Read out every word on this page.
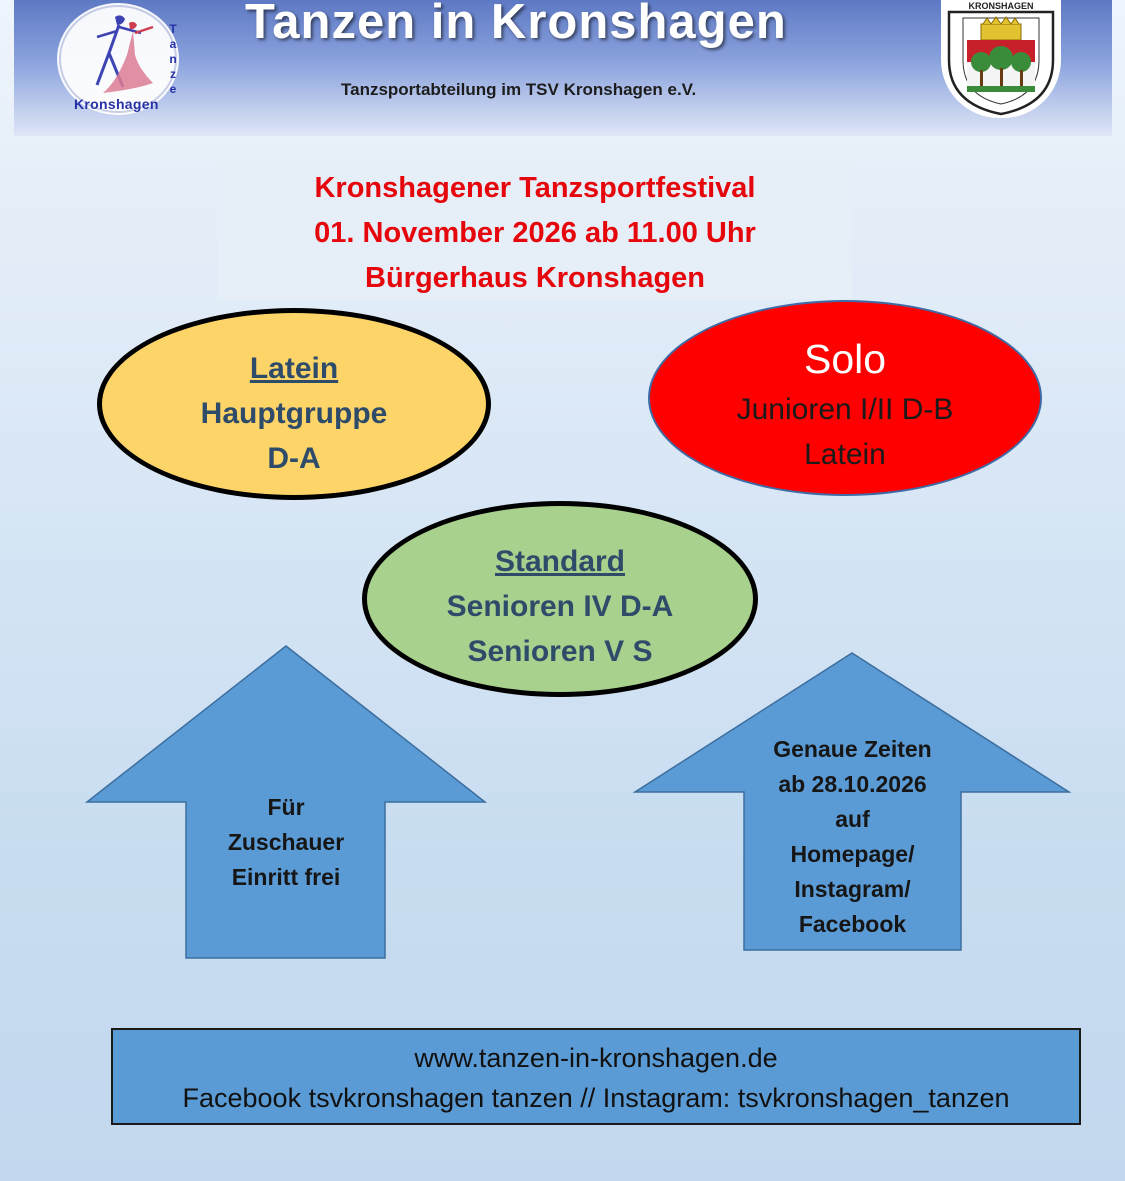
T
a
n
z
e
Kronshagen
Tanzen in Kronshagen
Tanzsportabteilung im TSV Kronshagen e.V.
KRONSHAGEN
Kronshagener Tanzsportfestival
01. November 2026 ab 11.00 Uhr
Bürgerhaus Kronshagen
Latein
Hauptgruppe
D-A
Solo
Junioren I/II D-B
Latein
Standard
Senioren IV D-A
Senioren V S
Für
Zuschauer
Einritt frei
Genaue Zeiten
ab 28.10.2026
auf
Homepage/
Instagram/
Facebook
www.tanzen-in-kronshagen.de
Facebook tsvkronshagen tanzen // Instagram: tsvkronshagen_tanzen
